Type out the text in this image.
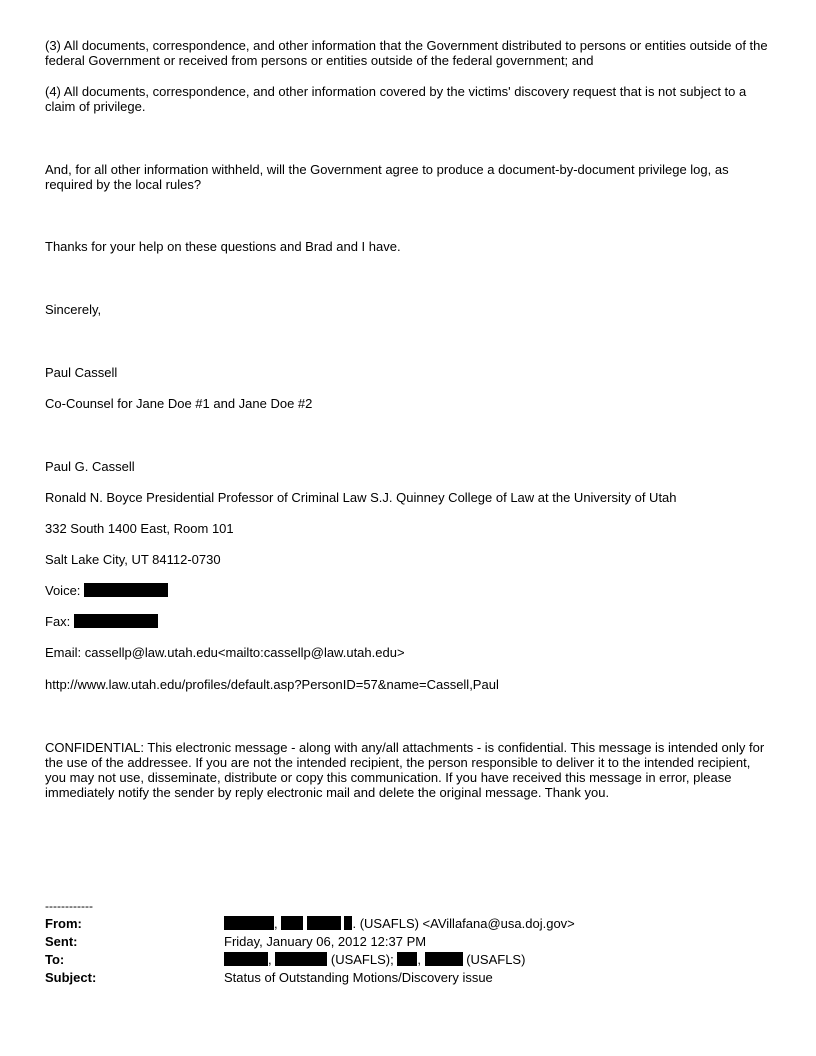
(3) All documents, correspondence, and other information that the Government distributed to persons or entities outside of the federal Government or received from persons or entities outside of the federal government; and

(4) All documents, correspondence, and other information covered by the victims' discovery request that is not subject to a claim of privilege.

And, for all other information withheld, will the Government agree to produce a document-by-document privilege log, as required by the local rules?

Thanks for your help on these questions and Brad and I have.

Sincerely,

Paul Cassell

Co-Counsel for Jane Doe #1 and Jane Doe #2

Paul G. Cassell

Ronald N. Boyce Presidential Professor of Criminal Law S.J. Quinney College of Law at the University of Utah

332 South 1400 East, Room 101

Salt Lake City, UT 84112-0730

Voice:

Fax:

Email: cassellp@law.utah.edu<mailto:cassellp@law.utah.edu>

http://www.law.utah.edu/profiles/default.asp?PersonID=57&name=Cassell,Paul

CONFIDENTIAL: This electronic message - along with any/all attachments - is confidential. This message is intended only for the use of the addressee. If you are not the intended recipient, the person responsible to deliver it to the intended recipient, you may not use, disseminate, distribute or copy this communication. If you have received this message in error, please immediately notify the sender by reply electronic mail and delete the original message. Thank you.

------------
From:	,	. (USAFLS) <AVillafana@usa.doj.gov>
Sent:	Friday, January 06, 2012 12:37 PM
To:	,	(USAFLS); ,	(USAFLS)
Subject:	Status of Outstanding Motions/Discovery issue
